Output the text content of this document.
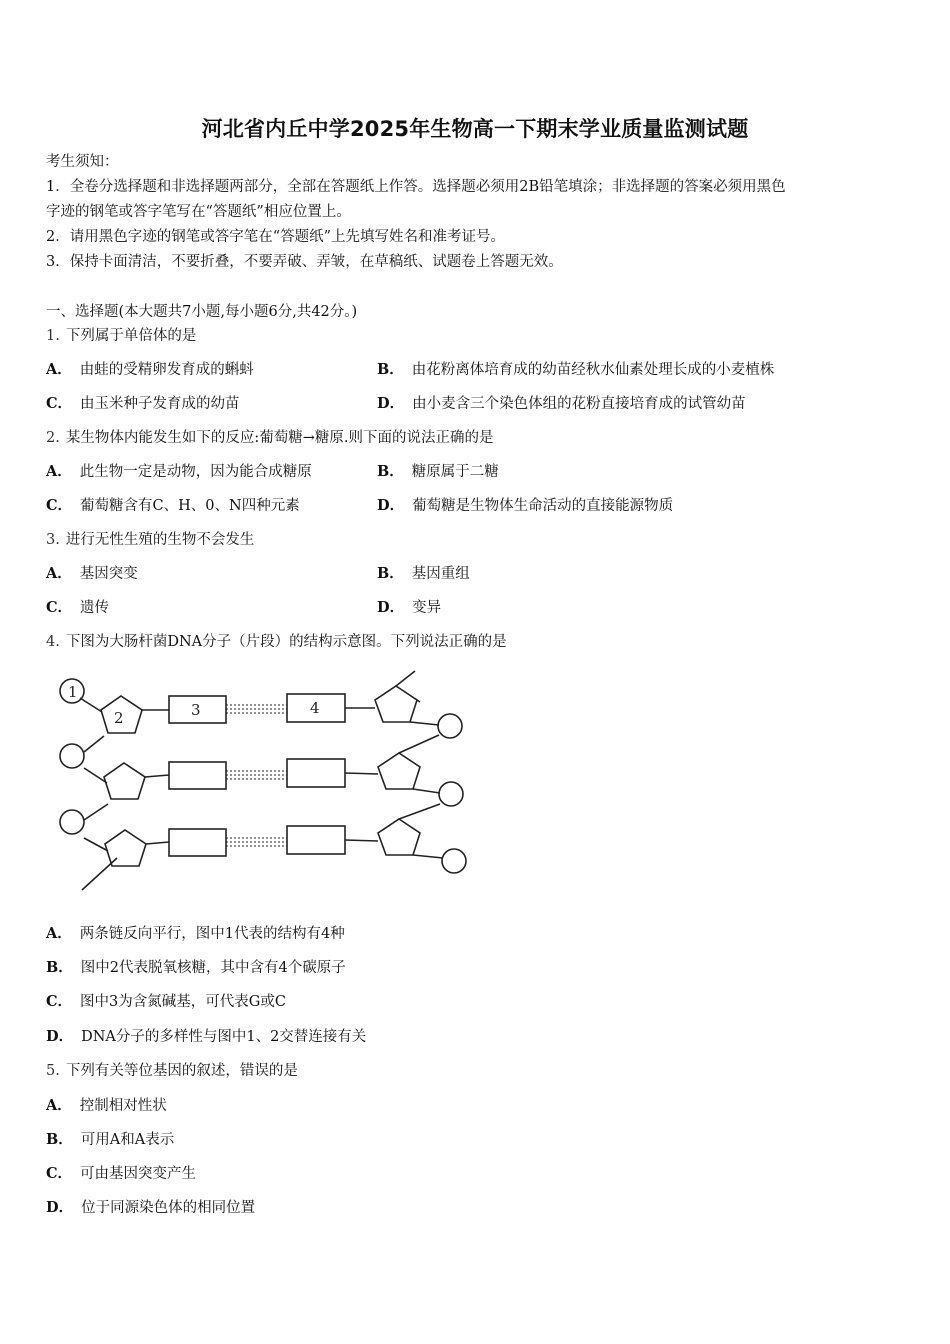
河北省内丘中学2025年生物高一下期末学业质量监测试题
考生须知：
1．全卷分选择题和非选择题两部分，全部在答题纸上作答。选择题必须用2B铅笔填涂；非选择题的答案必须用黑色
字迹的钢笔或答字笔写在“答题纸”相应位置上。
2．请用黑色字迹的钢笔或答字笔在“答题纸”上先填写姓名和准考证号。
3．保持卡面清洁，不要折叠，不要弄破、弄皱，在草稿纸、试题卷上答题无效。
一、选择题(本大题共7小题,每小题6分,共42分。)
1. 下列属于单倍体的是
A． 由蛙的受精卵发育成的蝌蚪	B． 由花粉离体培育成的幼苗经秋水仙素处理长成的小麦植株
C． 由玉米种子发育成的幼苗	D． 由小麦含三个染色体组的花粉直接培育成的试管幼苗
2. 某生物体内能发生如下的反应:葡萄糖→糖原.则下面的说法正确的是
A． 此生物一定是动物，因为能合成糖原	B． 糖原属于二糖
C． 葡萄糖含有C、H、0、N四种元素	D． 葡萄糖是生物体生命活动的直接能源物质
3. 进行无性生殖的生物不会发生
A． 基因突变	B． 基因重组
C． 遗传	D． 变异
4. 下图为大肠杆菌DNA分子（片段）的结构示意图。下列说法正确的是
1
2	3	4
A． 两条链反向平行，图中1代表的结构有4种
B． 图中2代表脱氧核糖，其中含有4个碳原子
C． 图中3为含氮碱基，可代表G或C
D． DNA分子的多样性与图中1、2交替连接有关
5. 下列有关等位基因的叙述，错误的是
A． 控制相对性状
B． 可用A和A表示
C． 可由基因突变产生
D． 位于同源染色体的相同位置
